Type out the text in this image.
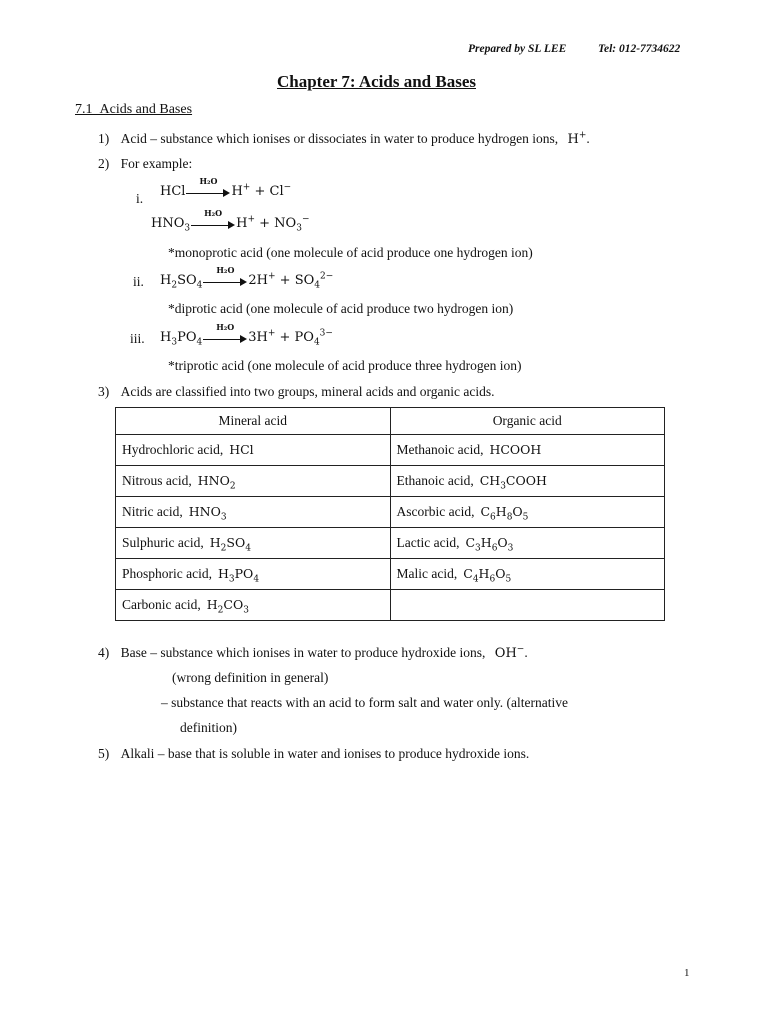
Prepared by SL LEE	Tel: 012-7734622
Chapter 7: Acids and Bases
7.1 Acids and Bases
1) Acid – substance which ionises or dissociates in water to produce hydrogen ions, H+.
2) For example:
i. HCl
H₂O
H+ + Cl−
$HNO_3$
H₂O
$H^+ + NO_3^-$
*monoprotic acid (one molecule of acid produce one hydrogen ion)
ii. $H_2SO_4$
H₂O
$2H^+ + SO_4^{2-}$
*diprotic acid (one molecule of acid produce two hydrogen ion)
iii. $H_3PO_4$
H₂O
$3H^+ + PO_4^{3-}$
*triprotic acid (one molecule of acid produce three hydrogen ion)
3) Acids are classified into two groups, mineral acids and organic acids.
Mineral acid	Organic acid
Hydrochloric acid, HCl	Methanoic acid, HCOOH
Nitrous acid, $HNO_2$	Ethanoic acid, $CH_3COOH$
Nitric acid, $HNO_3$	Ascorbic acid, $C_6H_8O_5$
Sulphuric acid, $H_2SO_4$	Lactic acid, $C_3H_6O_3$
Phosphoric acid, $H_3PO_4$	Malic acid, $C_4H_6O_5$
Carbonic acid, $H_2CO_3$	
4) Base – substance which ionises in water to produce hydroxide ions, OH−.
(wrong definition in general)
– substance that reacts with an acid to form salt and water only. (alternative
definition)
5) Alkali – base that is soluble in water and ionises to produce hydroxide ions.
1
